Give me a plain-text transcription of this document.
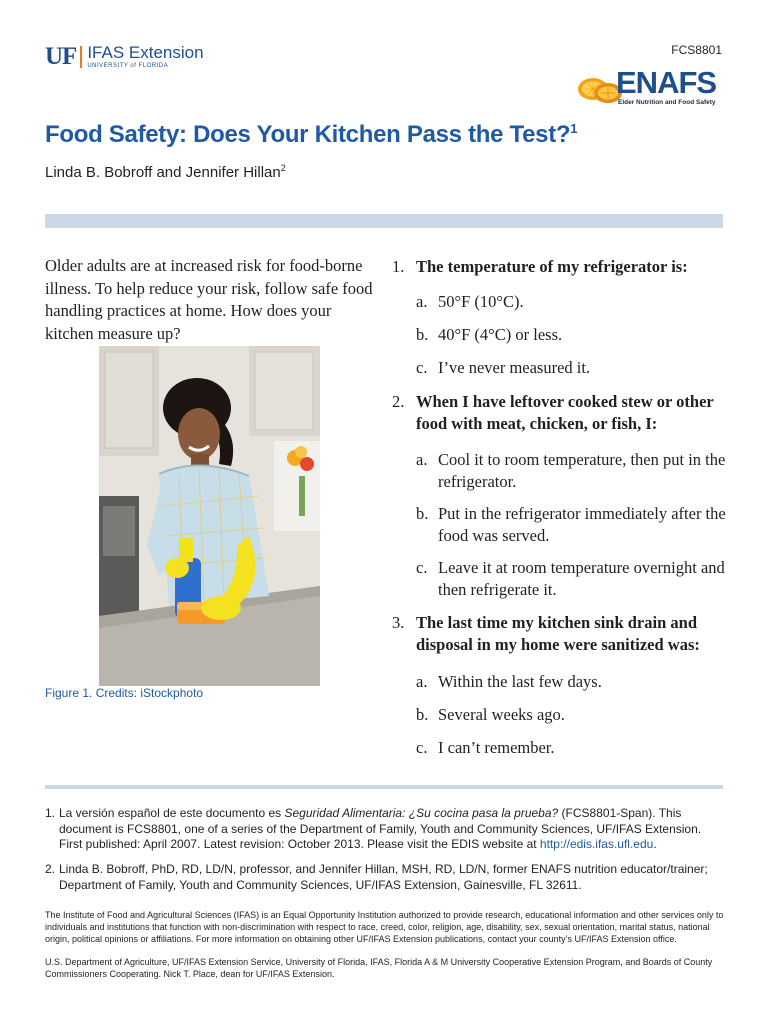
UF IFAS Extension
UNIVERSITY of FLORIDA
FCS8801
ENAFS
Elder Nutrition and Food Safety
Food Safety: Does Your Kitchen Pass the Test?$^1$
Linda B. Bobroff and Jennifer Hillan$^2$
Older adults are at increased risk for food-borne illness. To help reduce your risk, follow safe food handling practices at home. How does your kitchen measure up?
Figure 1. Credits: iStockphoto
1. The temperature of my refrigerator is:
a. 50°F (10°C).
b. 40°F (4°C) or less.
c. I’ve never measured it.
2. When I have leftover cooked stew or other food with meat, chicken, or fish, I:
a. Cool it to room temperature, then put in the refrigerator.
b. Put in the refrigerator immediately after the food was served.
c. Leave it at room temperature overnight and then refrigerate it.
3. The last time my kitchen sink drain and disposal in my home were sanitized was:
a. Within the last few days.
b. Several weeks ago.
c. I can’t remember.
1. La versión español de este documento es Seguridad Alimentaria: ¿Su cocina pasa la prueba? (FCS8801-Span). This document is FCS8801, one of a series of the Department of Family, Youth and Community Sciences, UF/IFAS Extension. First published: April 2007. Latest revision: October 2013. Please visit the EDIS website at http://edis.ifas.ufl.edu.
2. Linda B. Bobroff, PhD, RD, LD/N, professor, and Jennifer Hillan, MSH, RD, LD/N, former ENAFS nutrition educator/trainer; Department of Family, Youth and Community Sciences, UF/IFAS Extension, Gainesville, FL 32611.
The Institute of Food and Agricultural Sciences (IFAS) is an Equal Opportunity Institution authorized to provide research, educational information and other services only to individuals and institutions that function with non-discrimination with respect to race, creed, color, religion, age, disability, sex, sexual orientation, marital status, national origin, political opinions or affiliations. For more information on obtaining other UF/IFAS Extension publications, contact your county’s UF/IFAS Extension office.
U.S. Department of Agriculture, UF/IFAS Extension Service, University of Florida, IFAS, Florida A & M University Cooperative Extension Program, and Boards of County Commissioners Cooperating. Nick T. Place, dean for UF/IFAS Extension.
